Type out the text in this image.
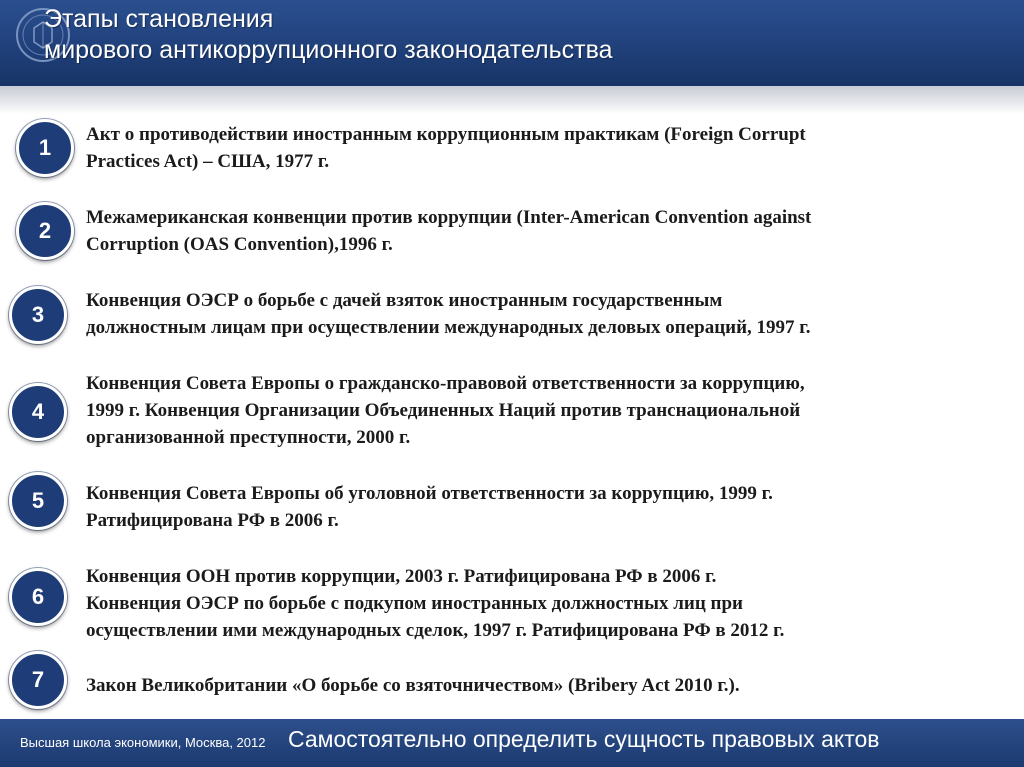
Этапы становления
мирового антикоррупционного законодательства
1
Акт о противодействии иностранным коррупционным практикам (Foreign Corrupt
Practices Act) – США, 1977 г.
2
Межамериканская конвенции против коррупции (Inter-American Convention against
Corruption (OAS Convention),1996 г.
3
Конвенция ОЭСР о борьбе с дачей взяток иностранным государственным
должностным лицам при осуществлении международных деловых операций, 1997 г.
4
Конвенция Совета Европы о гражданско-правовой ответственности за коррупцию,
1999 г. Конвенция Организации Объединенных Наций против транснациональной
организованной преступности, 2000 г.
5	Конвенция Совета Европы об уголовной ответственности за коррупцию, 1999 г.
Ратифицирована РФ в 2006 г.
6
Конвенция ООН против коррупции, 2003 г. Ратифицирована РФ в 2006 г.
Конвенция ОЭСР по борьбе с подкупом иностранных должностных лиц при
осуществлении ими международных сделок, 1997 г. Ратифицирована РФ в 2012 г.
7	Закон Великобритании «О борьбе со взяточничеством» (Bribery Act 2010 г.).
Высшая школа экономики, Москва, 2012 Самостоятельно определить сущность правовых актов
